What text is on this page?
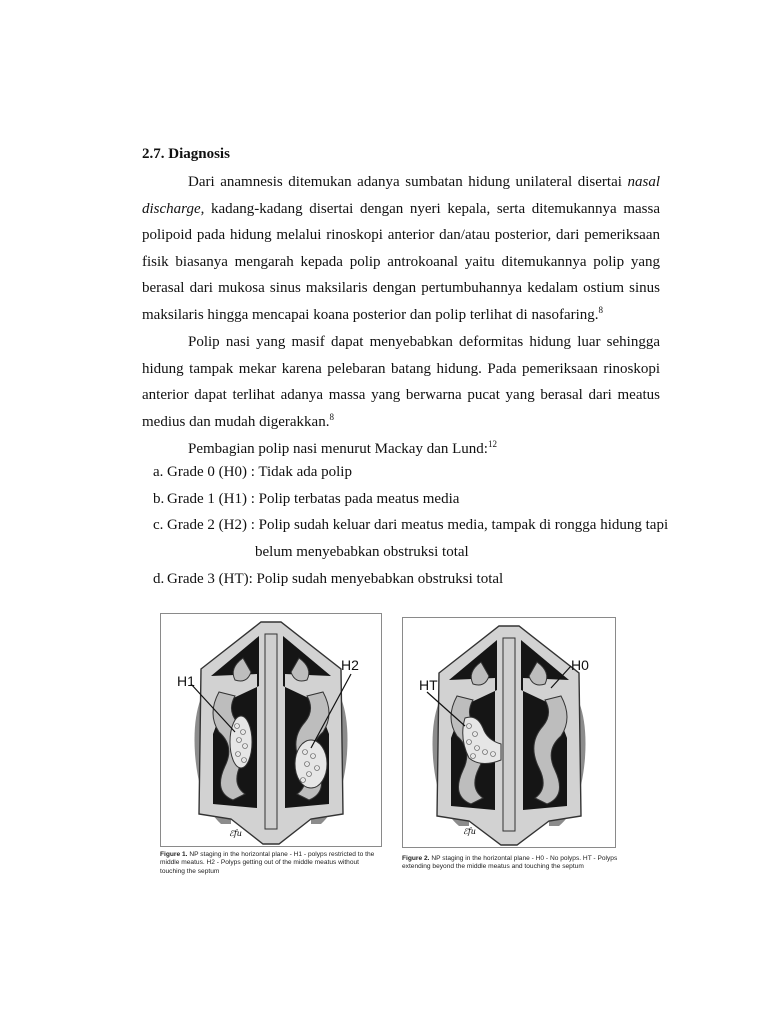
2.7. Diagnosis

Dari anamnesis ditemukan adanya sumbatan hidung unilateral disertai nasal discharge, kadang-kadang disertai dengan nyeri kepala, serta ditemukannya massa polipoid pada hidung melalui rinoskopi anterior dan/atau posterior, dari pemeriksaan fisik biasanya mengarah kepada polip antrokoanal yaitu ditemukannya polip yang berasal dari mukosa sinus maksilaris dengan pertumbuhannya kedalam ostium sinus maksilaris hingga mencapai koana posterior dan polip terlihat di nasofaring.$^8$

Polip nasi yang masif dapat menyebabkan deformitas hidung luar sehingga hidung tampak mekar karena pelebaran batang hidung. Pada pemeriksaan rinoskopi anterior dapat terlihat adanya massa yang berwarna pucat yang berasal dari meatus medius dan mudah digerakkan.$^8$

Pembagian polip nasi menurut Mackay dan Lund:$^{12}$

a. Grade 0 (H0) : Tidak ada polip
b. Grade 1 (H1) : Polip terbatas pada meatus media
c. Grade 2 (H2) : Polip sudah keluar dari meatus media, tampak di rongga hidung tapi
belum menyebabkan obstruksi total
d. Grade 3 (HT): Polip sudah menyebabkan obstruksi total
ℰfu
H1
H2
Figure 1. NP staging in the horizontal plane - H1 - polyps restricted to the middle meatus. H2 - Polyps getting out of the middle meatus without touching the septum
ℰfu
HT
H0
Figure 2. NP staging in the horizontal plane - H0 - No polyps. HT - Polyps extending beyond the middle meatus and touching the septum
